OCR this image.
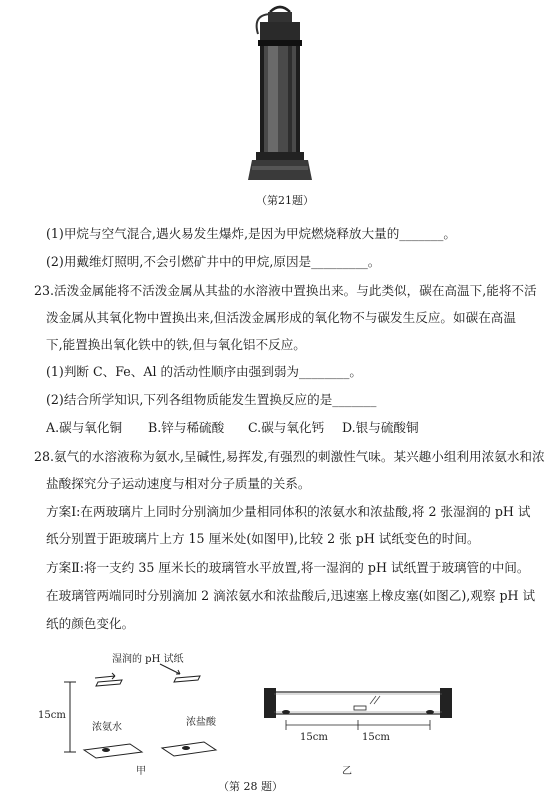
（第21题）
(1)甲烷与空气混合,遇火易发生爆炸,是因为甲烷燃烧释放大量的_______。
(2)用戴维灯照明,不会引燃矿井中的甲烷,原因是_________。
23.活泼金属能将不活泼金属从其盐的水溶液中置换出来。与此类似，碳在高温下,能将不活
泼金属从其氧化物中置换出来,但活泼金属形成的氧化物不与碳发生反应。如碳在高温
下,能置换出氧化铁中的铁,但与氧化铝不反应。
(1)判断 C、Fe、Al 的活动性顺序由强到弱为________。
(2)结合所学知识,下列各组物质能发生置换反应的是_______
A.碳与氧化铜 B.锌与稀硫酸 C.碳与氧化钙 D.银与硫酸铜
28.氨气的水溶液称为氨水,呈碱性,易挥发,有强烈的刺激性气味。某兴趣小组利用浓氨水和浓
盐酸探究分子运动速度与相对分子质量的关系。
方案Ⅰ:在两玻璃片上同时分别滴加少量相同体积的浓氨水和浓盐酸,将 2 张湿润的 pH 试
纸分别置于距玻璃片上方 15 厘米处(如图甲),比较 2 张 pH 试纸变色的时间。
方案Ⅱ:将一支约 35 厘米长的玻璃管水平放置,将一湿润的 pH 试纸置于玻璃管的中间。
在玻璃管两端同时分别滴加 2 滴浓氨水和浓盐酸后,迅速塞上橡皮塞(如图乙),观察 pH 试
纸的颜色变化。
湿润的 pH 试纸
15cm
浓氨水	浓盐酸
甲
15cm	15cm
乙
（第 28 题）
